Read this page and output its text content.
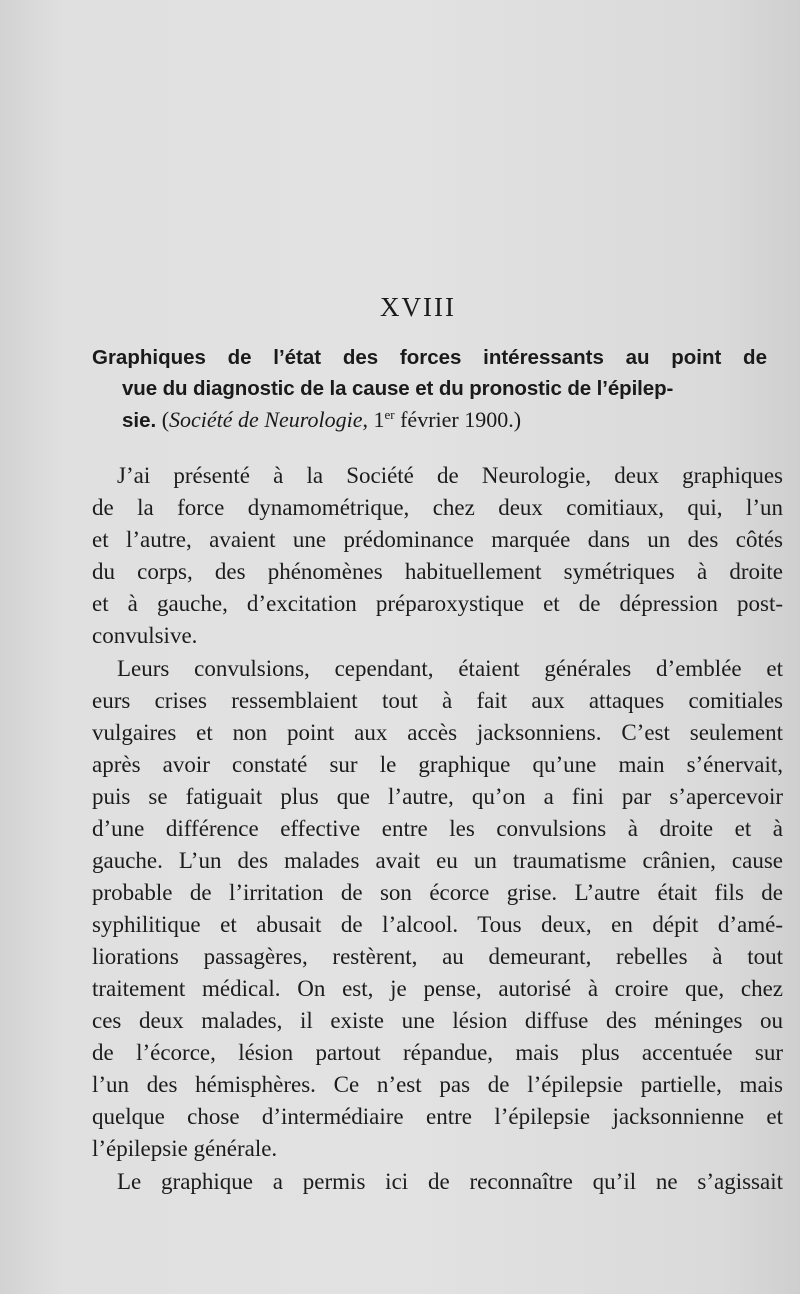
XVIII
Graphiques de l’état des forces intéressants au point de
vue du diagnostic de la cause et du pronostic de l’épilep-
sie. (Société de Neurologie, 1er février 1900.)
J’ai présenté à la Société de Neurologie, deux graphiques
de la force dynamométrique, chez deux comitiaux, qui, l’un
et l’autre, avaient une prédominance marquée dans un des côtés
du corps, des phénomènes habituellement symétriques à droite
et à gauche, d’excitation préparoxystique et de dépression post-
convulsive.
Leurs convulsions, cependant, étaient générales d’emblée et
eurs crises ressemblaient tout à fait aux attaques comitiales
vulgaires et non point aux accès jacksonniens. C’est seulement
après avoir constaté sur le graphique qu’une main s’énervait,
puis se fatiguait plus que l’autre, qu’on a fini par s’apercevoir
d’une différence effective entre les convulsions à droite et à
gauche. L’un des malades avait eu un traumatisme crânien, cause
probable de l’irritation de son écorce grise. L’autre était fils de
syphilitique et abusait de l’alcool. Tous deux, en dépit d’amé-
liorations passagères, restèrent, au demeurant, rebelles à tout
traitement médical. On est, je pense, autorisé à croire que, chez
ces deux malades, il existe une lésion diffuse des méninges ou
de l’écorce, lésion partout répandue, mais plus accentuée sur
l’un des hémisphères. Ce n’est pas de l’épilepsie partielle, mais
quelque chose d’intermédiaire entre l’épilepsie jacksonnienne et
l’épilepsie générale.
Le graphique a permis ici de reconnaître qu’il ne s’agissait
